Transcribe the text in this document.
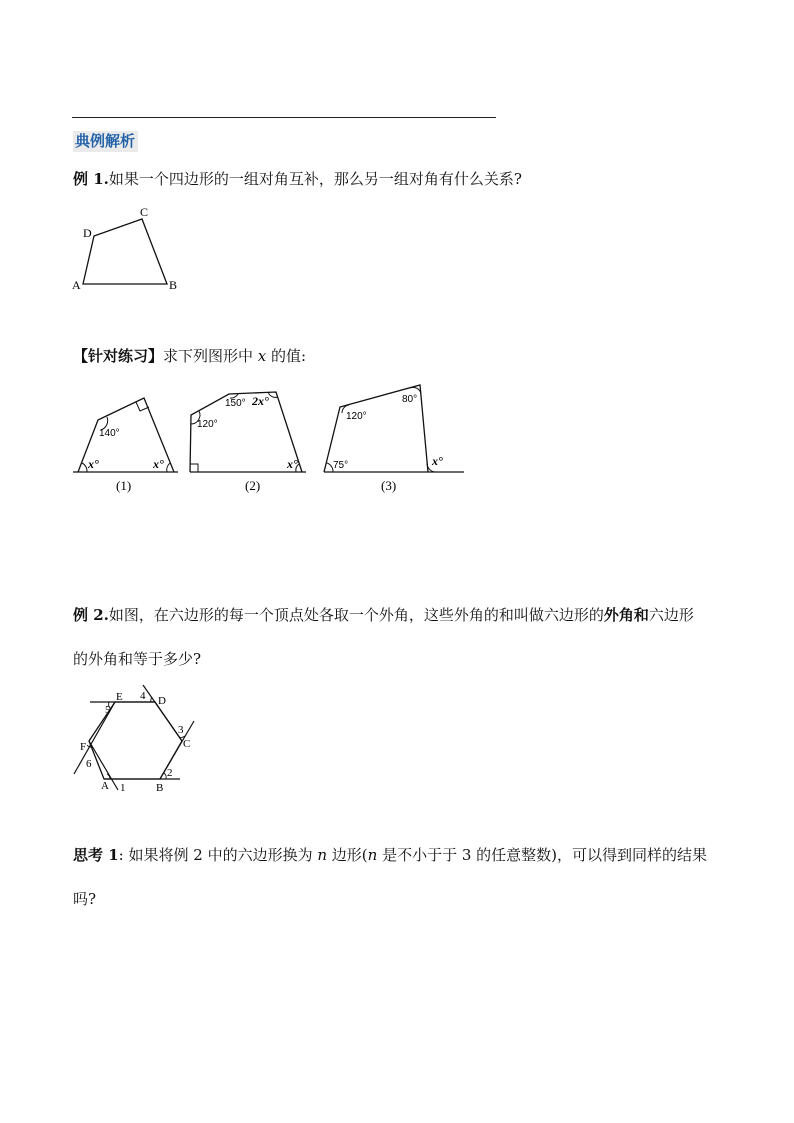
典例解析
例 1.如果一个四边形的一组对角互补，那么另一组对角有什么关系?
A	B
C
D
【针对练习】求下列图形中 x 的值:
140°
x°	x°
(1)
120°
150° 2x°
x°
(2)
120°
80°
75°	x°
(3)
例 2.如图，在六边形的每一个顶点处各取一个外角，这些外角的和叫做六边形的外角和六边形
的外角和等于多少?
A	B
C
D
E
F
1
2
3
4
5
6
思考 1: 如果将例 2 中的六边形换为 n 边形(n 是不小于于 3 的任意整数)，可以得到同样的结果
吗?
